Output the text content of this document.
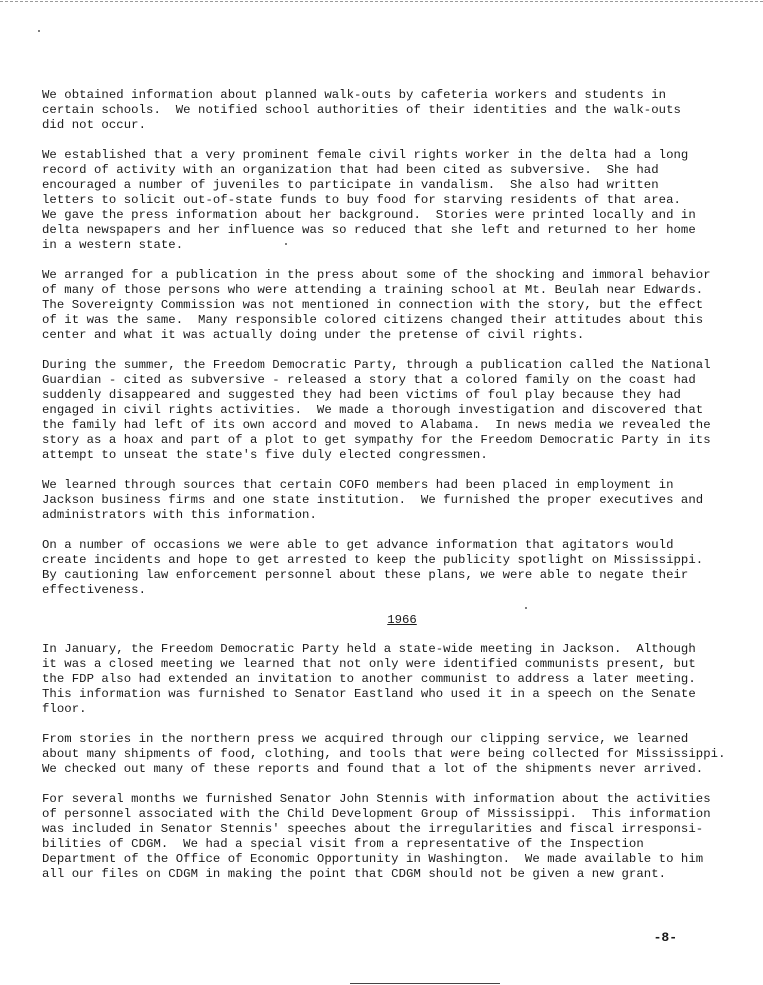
We obtained information about planned walk-outs by cafeteria workers and students in
certain schools.  We notified school authorities of their identities and the walk-outs
did not occur.

We established that a very prominent female civil rights worker in the delta had a long
record of activity with an organization that had been cited as subversive.  She had
encouraged a number of juveniles to participate in vandalism.  She also had written
letters to solicit out-of-state funds to buy food for starving residents of that area.
We gave the press information about her background.  Stories were printed locally and in
delta newspapers and her influence was so reduced that she left and returned to her home
in a western state.

We arranged for a publication in the press about some of the shocking and immoral behavior
of many of those persons who were attending a training school at Mt. Beulah near Edwards.
The Sovereignty Commission was not mentioned in connection with the story, but the effect
of it was the same.  Many responsible colored citizens changed their attitudes about this
center and what it was actually doing under the pretense of civil rights.

During the summer, the Freedom Democratic Party, through a publication called the National
Guardian - cited as subversive - released a story that a colored family on the coast had
suddenly disappeared and suggested they had been victims of foul play because they had
engaged in civil rights activities.  We made a thorough investigation and discovered that
the family had left of its own accord and moved to Alabama.  In news media we revealed the
story as a hoax and part of a plot to get sympathy for the Freedom Democratic Party in its
attempt to unseat the state's five duly elected congressmen.

We learned through sources that certain COFO members had been placed in employment in
Jackson business firms and one state institution.  We furnished the proper executives and
administrators with this information.

On a number of occasions we were able to get advance information that agitators would
create incidents and hope to get arrested to keep the publicity spotlight on Mississippi.
By cautioning law enforcement personnel about these plans, we were able to negate their
effectiveness.

1966

In January, the Freedom Democratic Party held a state-wide meeting in Jackson.  Although
it was a closed meeting we learned that not only were identified communists present, but
the FDP also had extended an invitation to another communist to address a later meeting.
This information was furnished to Senator Eastland who used it in a speech on the Senate
floor.

From stories in the northern press we acquired through our clipping service, we learned
about many shipments of food, clothing, and tools that were being collected for Mississippi.
We checked out many of these reports and found that a lot of the shipments never arrived.

For several months we furnished Senator John Stennis with information about the activities
of personnel associated with the Child Development Group of Mississippi.  This information
was included in Senator Stennis' speeches about the irregularities and fiscal irresponsi-
bilities of CDGM.  We had a special visit from a representative of the Inspection
Department of the Office of Economic Opportunity in Washington.  We made available to him
all our files on CDGM in making the point that CDGM should not be given a new grant.

-8-
